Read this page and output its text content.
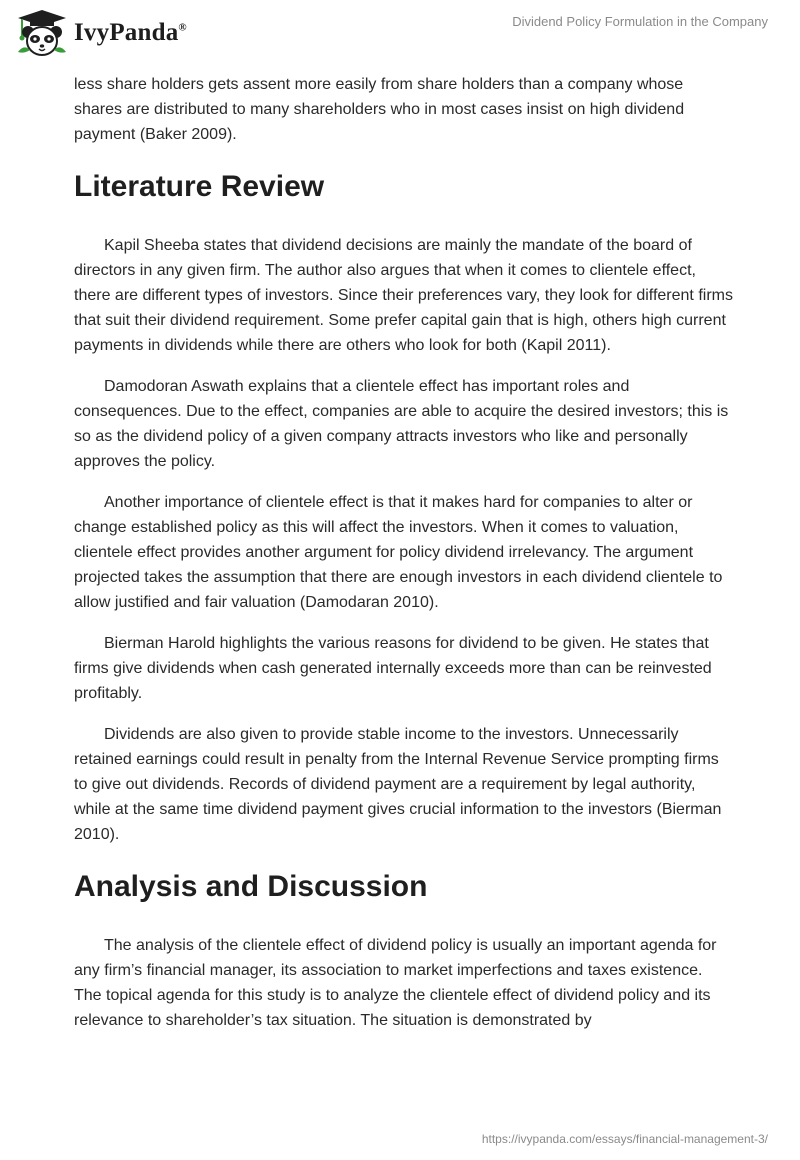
IvyPanda®	Dividend Policy Formulation in the Company

less share holders gets assent more easily from share holders than a company whose shares are distributed to many shareholders who in most cases insist on high dividend payment (Baker 2009).

Literature Review

Kapil Sheeba states that dividend decisions are mainly the mandate of the board of directors in any given firm. The author also argues that when it comes to clientele effect, there are different types of investors. Since their preferences vary, they look for different firms that suit their dividend requirement. Some prefer capital gain that is high, others high current payments in dividends while there are others who look for both (Kapil 2011).

Damodoran Aswath explains that a clientele effect has important roles and consequences. Due to the effect, companies are able to acquire the desired investors; this is so as the dividend policy of a given company attracts investors who like and personally approves the policy.

Another importance of clientele effect is that it makes hard for companies to alter or change established policy as this will affect the investors. When it comes to valuation, clientele effect provides another argument for policy dividend irrelevancy. The argument projected takes the assumption that there are enough investors in each dividend clientele to allow justified and fair valuation (Damodaran 2010).

Bierman Harold highlights the various reasons for dividend to be given. He states that firms give dividends when cash generated internally exceeds more than can be reinvested profitably.

Dividends are also given to provide stable income to the investors. Unnecessarily retained earnings could result in penalty from the Internal Revenue Service prompting firms to give out dividends. Records of dividend payment are a requirement by legal authority, while at the same time dividend payment gives crucial information to the investors (Bierman 2010).

Analysis and Discussion

The analysis of the clientele effect of dividend policy is usually an important agenda for any firm’s financial manager, its association to market imperfections and taxes existence. The topical agenda for this study is to analyze the clientele effect of dividend policy and its relevance to shareholder’s tax situation. The situation is demonstrated by

https://ivypanda.com/essays/financial-management-3/
